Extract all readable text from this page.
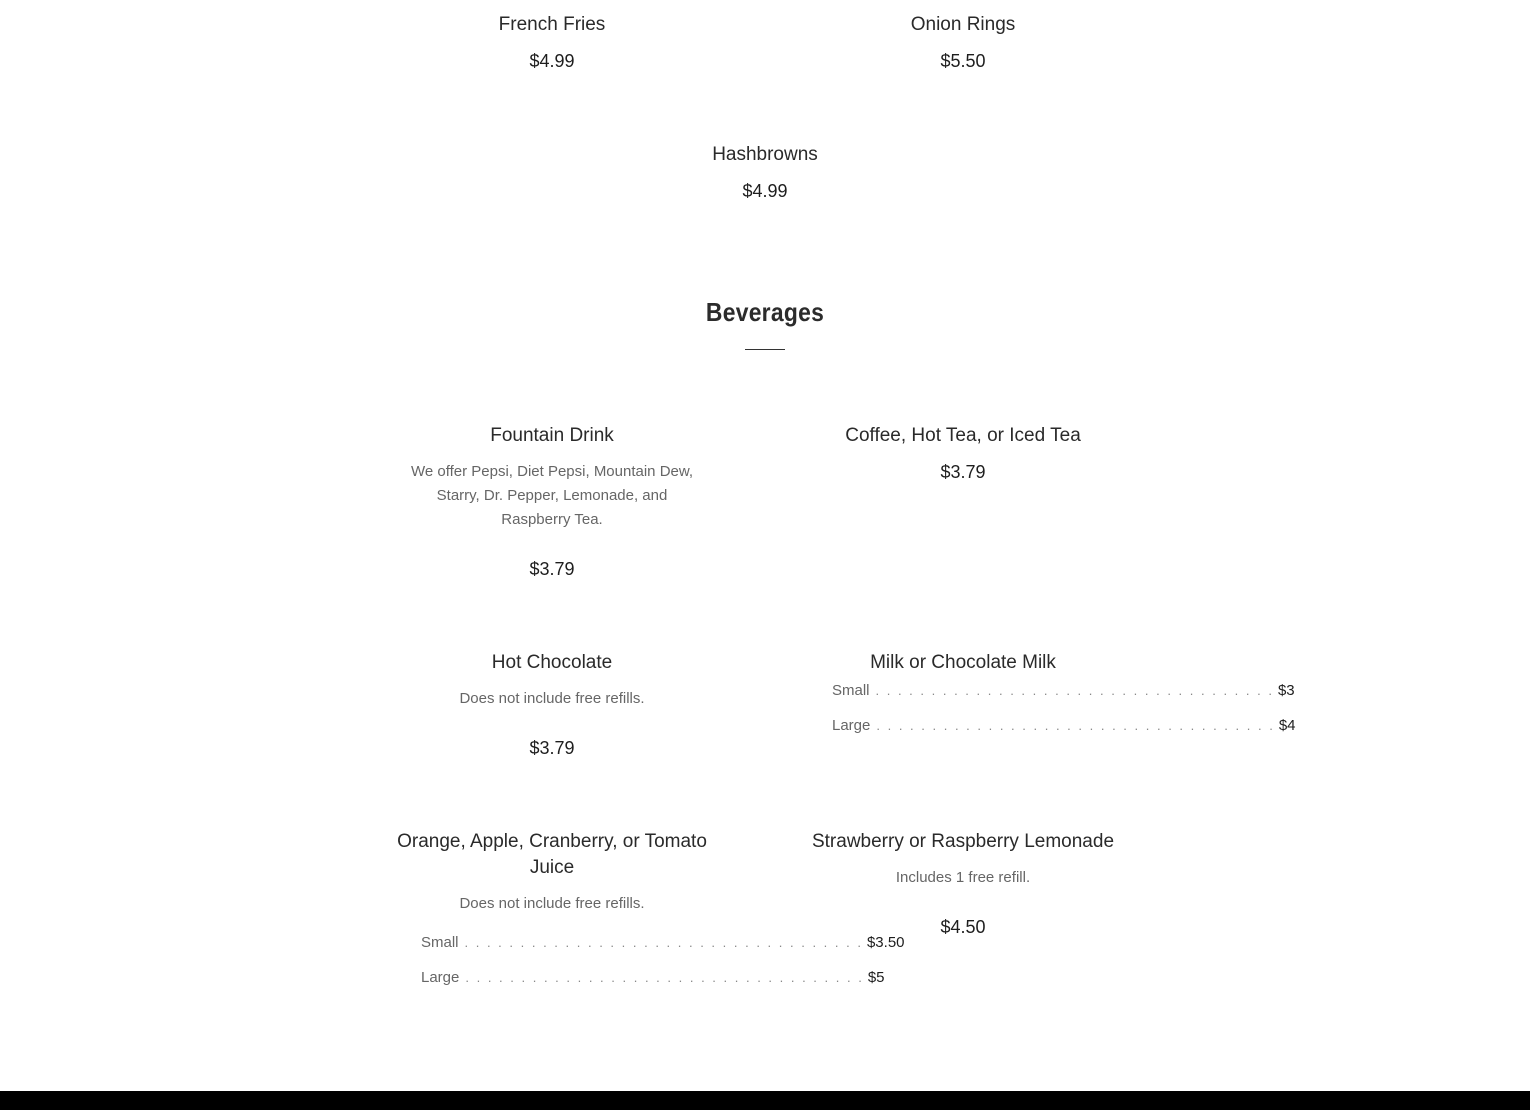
French Fries
$4.99
Onion Rings
$5.50
Hashbrowns
$4.99
Beverages
Fountain Drink
We offer Pepsi, Diet Pepsi, Mountain Dew, Starry, Dr. Pepper, Lemonade, and Raspberry Tea.
$3.79
Coffee, Hot Tea, or Iced Tea
$3.79
Hot Chocolate
Does not include free refills.
$3.79
Milk or Chocolate Milk
Small . . . . . . . . . . . . . . . . . . . . . . . . . . . . . . . . . . . . $3
Large . . . . . . . . . . . . . . . . . . . . . . . . . . . . . . . . . . . . $4
Orange, Apple, Cranberry, or Tomato Juice
Does not include free refills.
Small . . . . . . . . . . . . . . . . . . . . . . . . . . . . . . . . . . . . $3.50
Large . . . . . . . . . . . . . . . . . . . . . . . . . . . . . . . . . . . . $5
Strawberry or Raspberry Lemonade
Includes 1 free refill.
$4.50
